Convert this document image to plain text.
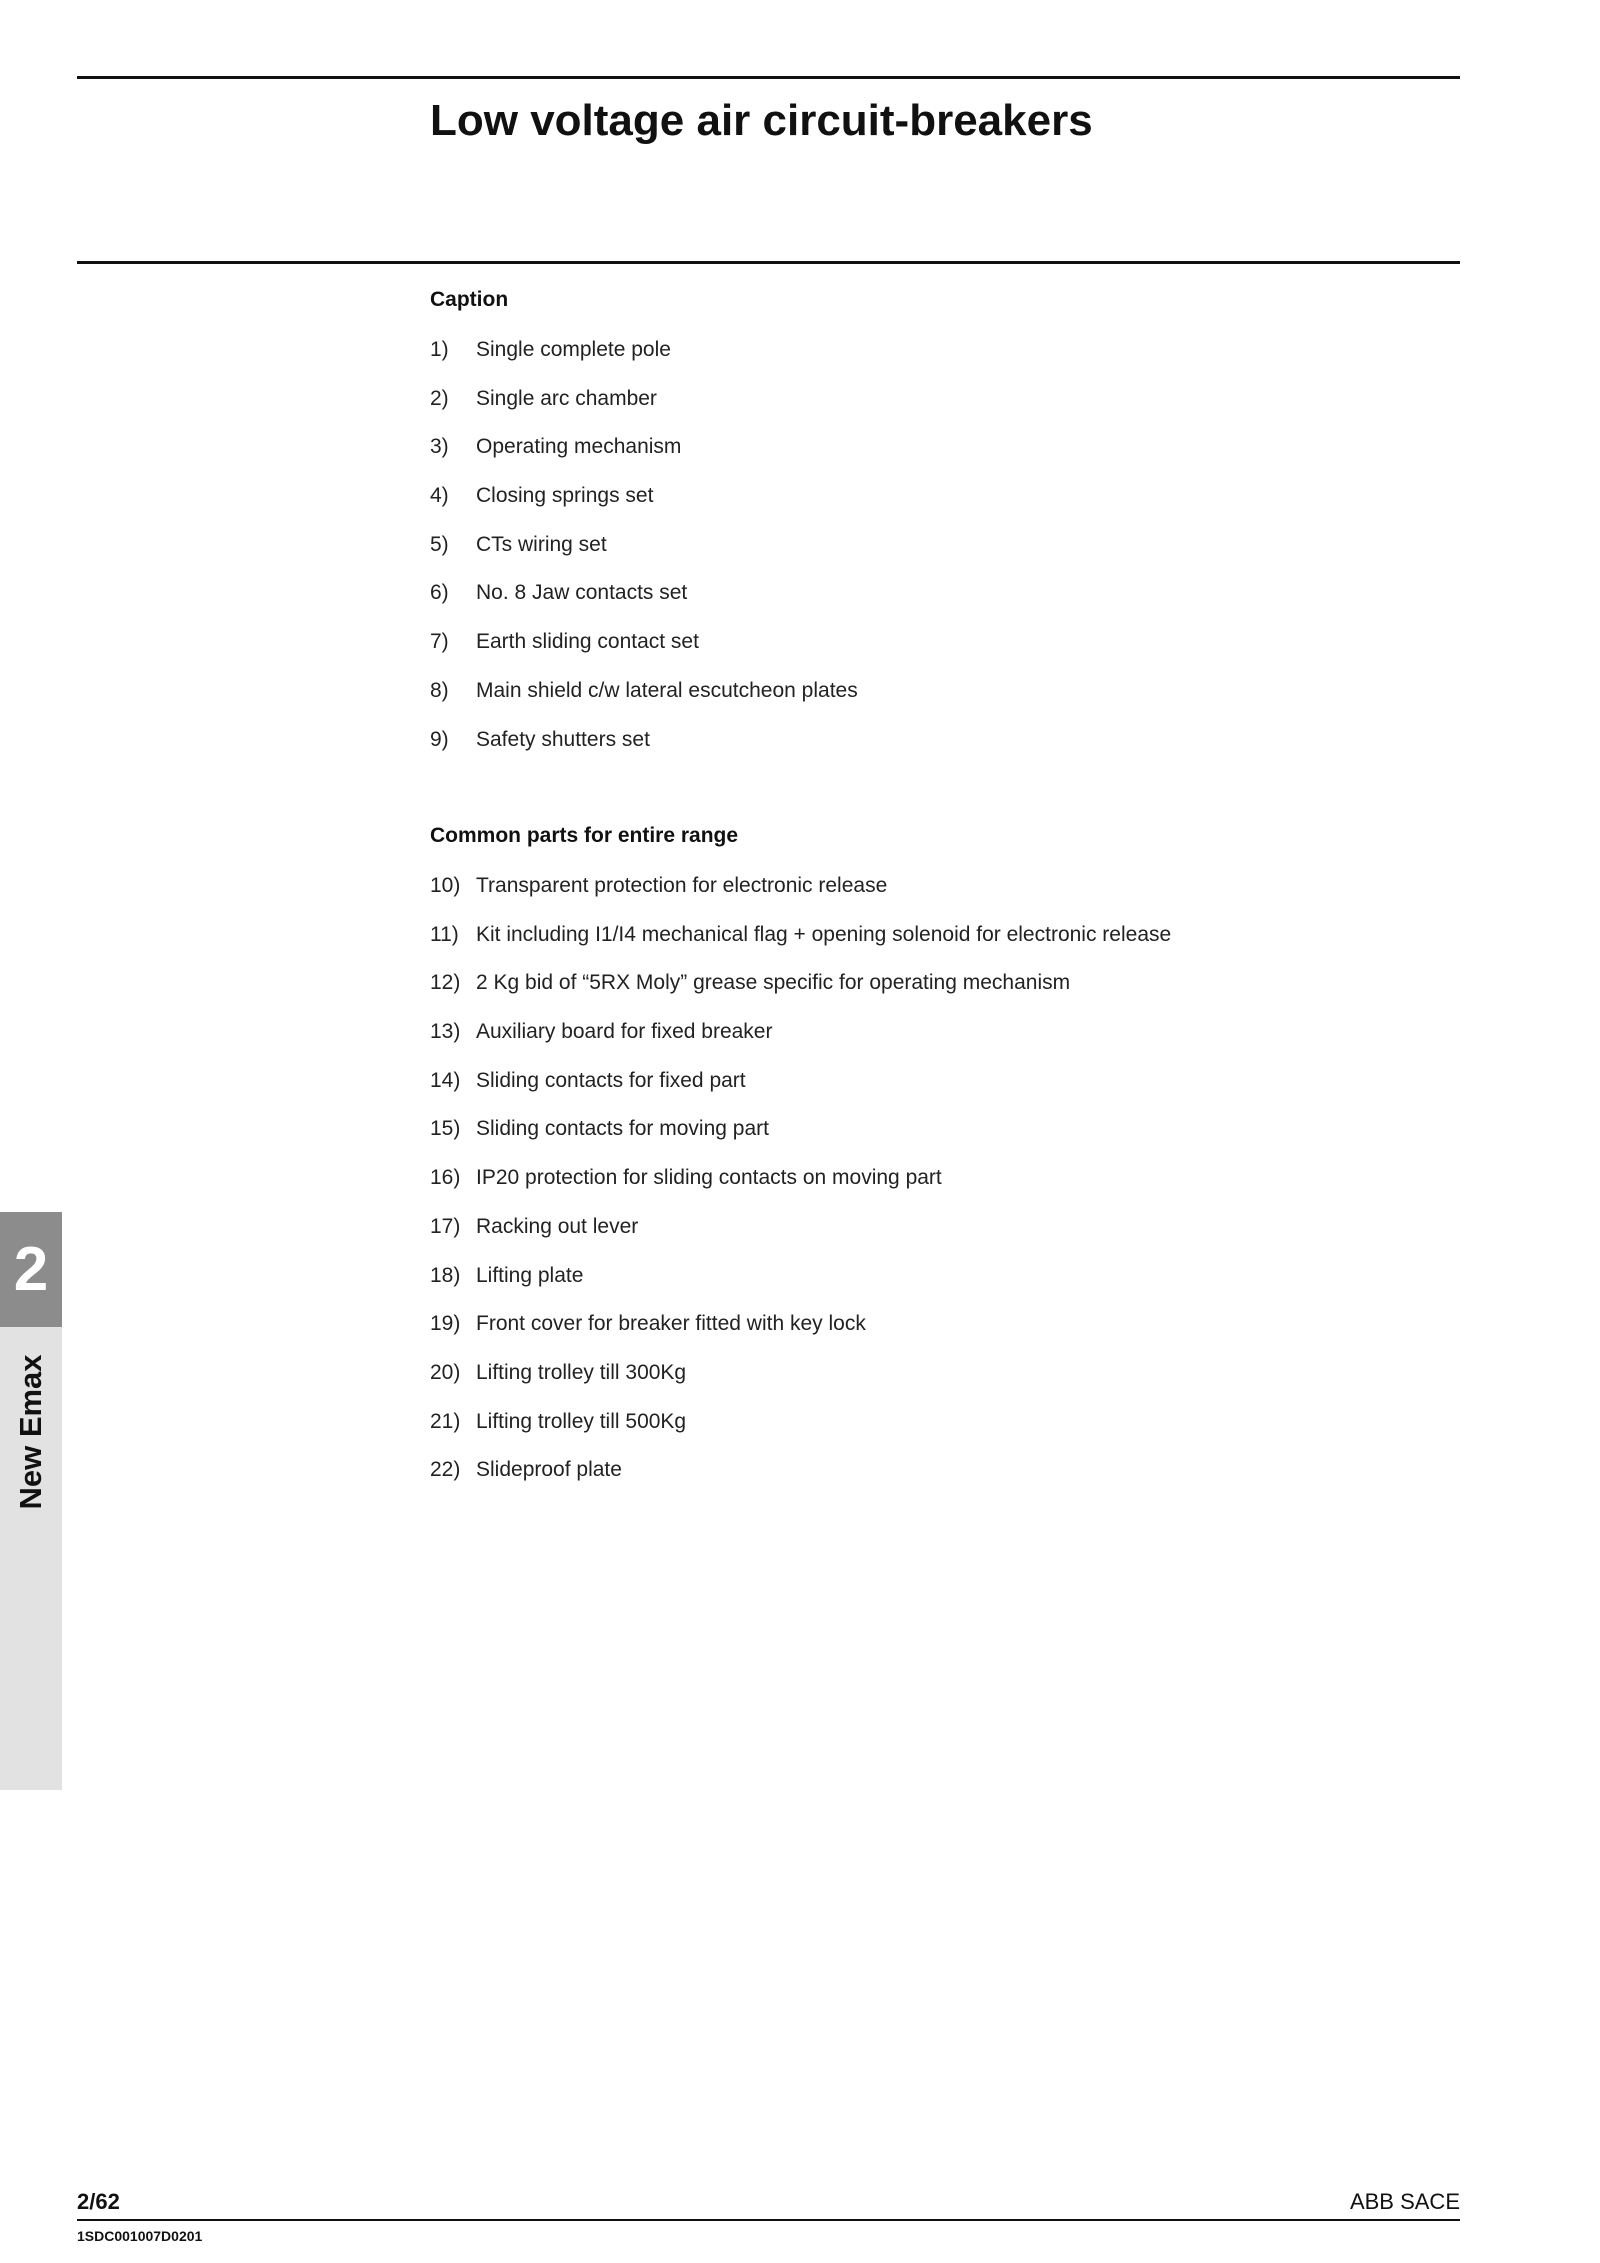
Low voltage air circuit-breakers
Caption
1) Single complete pole
2) Single arc chamber
3) Operating mechanism
4) Closing springs set
5) CTs wiring set
6) No. 8 Jaw contacts set
7) Earth sliding contact set
8) Main shield c/w lateral escutcheon plates
9) Safety shutters set
Common parts for entire range
10) Transparent protection for electronic release
11) Kit including I1/I4 mechanical flag + opening solenoid for electronic release
12) 2 Kg bid of “5RX Moly” grease specific for operating mechanism
13) Auxiliary board for fixed breaker
14) Sliding contacts for fixed part
15) Sliding contacts for moving part
16) IP20 protection for sliding contacts on moving part
17) Racking out lever
18) Lifting plate
19) Front cover for breaker fitted with key lock
20) Lifting trolley till 300Kg
21) Lifting trolley till 500Kg
22) Slideproof plate
2
New Emax
2/62	ABB SACE
1SDC001007D0201
